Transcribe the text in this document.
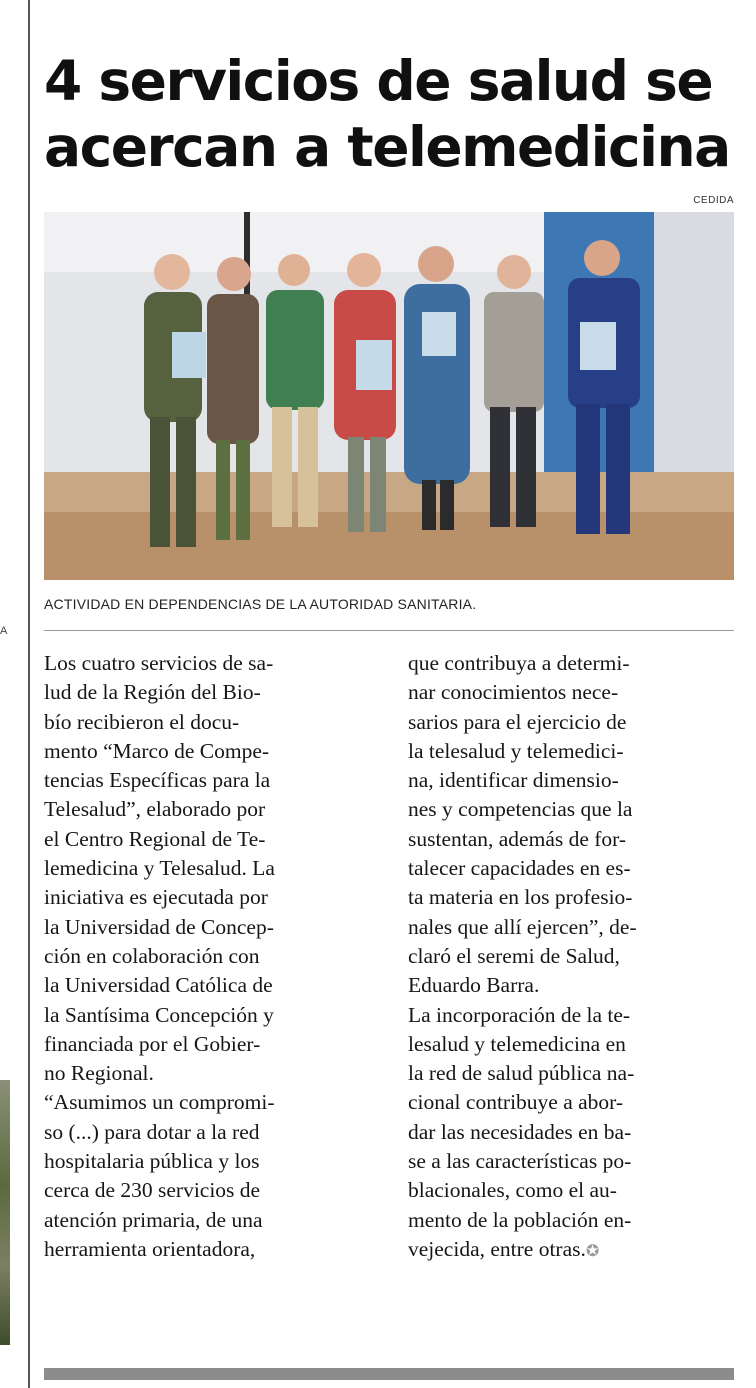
A
4 servicios de salud se
acercan a telemedicina
CEDIDA
ACTIVIDAD EN DEPENDENCIAS DE LA AUTORIDAD SANITARIA.

Los cuatro servicios de sa-

lud de la Región del Bio-

bío recibieron el docu-

mento “Marco de Compe-

tencias Específicas para la

Telesalud”, elaborado por

el Centro Regional de Te-

lemedicina y Telesalud. La

iniciativa es ejecutada por

la Universidad de Concep-

ción en colaboración con

la Universidad Católica de

la Santísima Concepción y

financiada por el Gobier-

no Regional.

“Asumimos un compromi-

so (...) para dotar a la red

hospitalaria pública y los

cerca de 230 servicios de

atención primaria, de una

herramienta orientadora,

que contribuya a determi-

nar conocimientos nece-

sarios para el ejercicio de

la telesalud y telemedici-

na, identificar dimensio-

nes y competencias que la

sustentan, además de for-

talecer capacidades en es-

ta materia en los profesio-

nales que allí ejercen”, de-

claró el seremi de Salud,

Eduardo Barra.

La incorporación de la te-

lesalud y telemedicina en

la red de salud pública na-

cional contribuye a abor-

dar las necesidades en ba-

se a las características po-

blacionales, como el au-

mento de la población en-

vejecida, entre otras.✪
